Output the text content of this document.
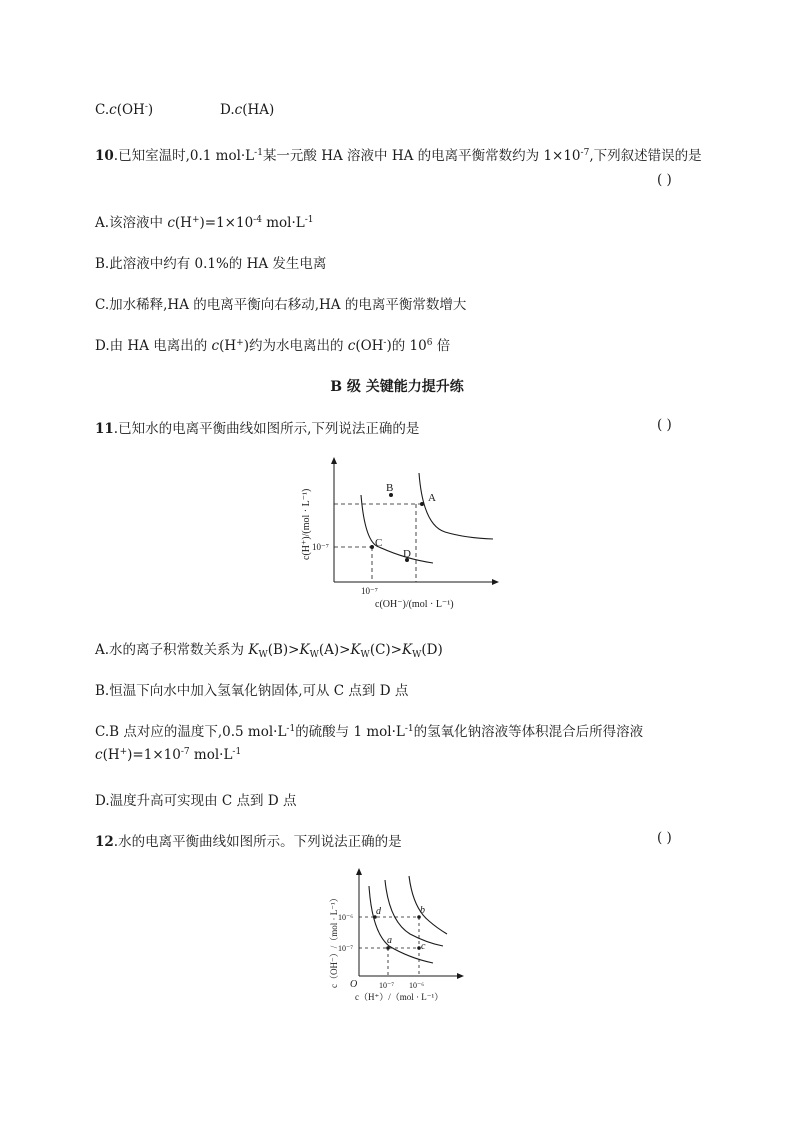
C.c(OH-)	D.c(HA)
10.已知室温时,0.1 $mol\cdot L^{-1}$某一元酸 HA 溶液中 HA 的电离平衡常数约为 $1\times 10^{-7}$,下列叙述错误的是
( )
A.该溶液中 $c(H^+)=1\times 10^{-4}$ $mol\cdot L^{-1}$
B.此溶液中约有 0.1%的 HA 发生电离
C.加水稀释,HA 的电离平衡向右移动,HA 的电离平衡常数增大
D.由 HA 电离出的 c(H+)约为水电离出的 c(OH-)的 $10^6$ 倍
B 级 关键能力提升练
11.已知水的电离平衡曲线如图所示,下列说法正确的是	( )
B
A
C
D
10⁻⁷
10⁻⁷
c(OH⁻)/(mol · L⁻¹)
c(H⁺)/(mol · L⁻¹)
A.水的离子积常数关系为 $K_W(B)>K_W(A)>K_W(C)>K_W(D)$
B.恒温下向水中加入氢氧化钠固体,可从 C 点到 D 点
C.B 点对应的温度下,0.5 $mol\cdot L^{-1}$的硫酸与 1 $mol\cdot L^{-1}$的氢氧化钠溶液等体积混合后所得溶液
$c(H^+)=1\times 10^{-7}$ $mol\cdot L^{-1}$
D.温度升高可实现由 C 点到 D 点
12.水的电离平衡曲线如图所示。下列说法正确的是	( )
d	b
a
c
10⁻⁶
10⁻⁷
O	10⁻⁷ 10⁻⁶
c（H⁺）/（mol · L⁻¹）
c（OH⁻）/（mol · L⁻¹）
